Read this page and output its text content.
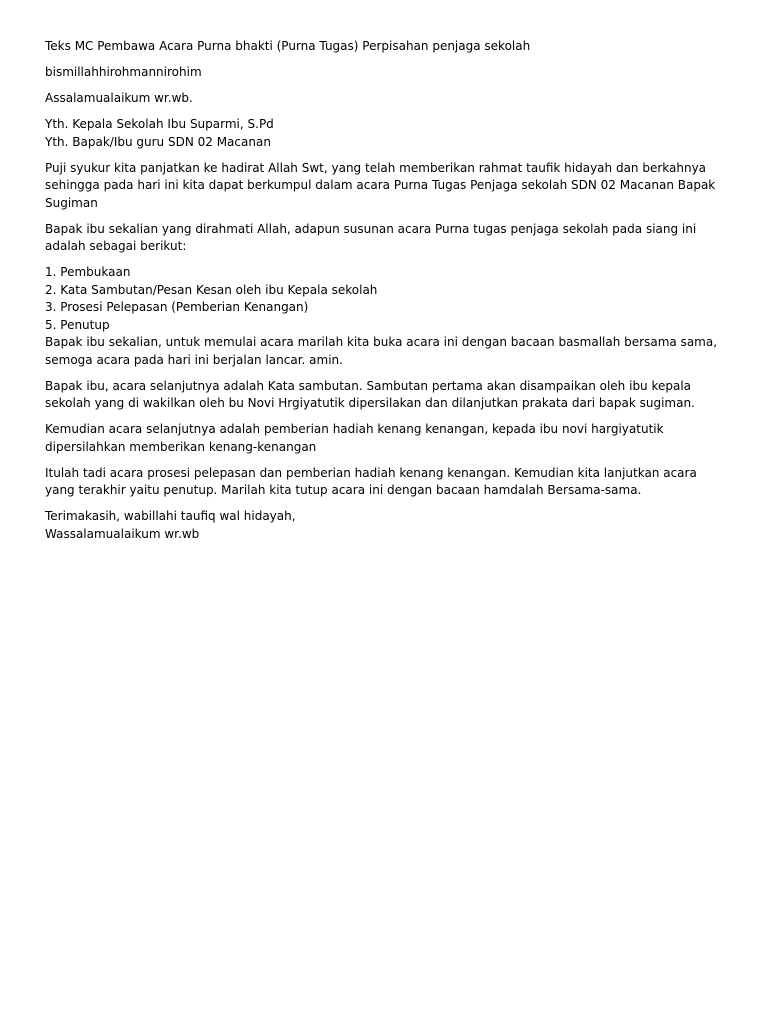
Teks MC Pembawa Acara Purna bhakti (Purna Tugas) Perpisahan penjaga sekolah

bismillahhirohmannirohim

Assalamualaikum wr.wb.

Yth. Kepala Sekolah Ibu Suparmi, S.Pd
Yth. Bapak/Ibu guru SDN 02 Macanan

Puji syukur kita panjatkan ke hadirat Allah Swt, yang telah memberikan rahmat taufik hidayah dan berkahnya sehingga pada hari ini kita dapat berkumpul dalam acara Purna Tugas Penjaga sekolah SDN 02 Macanan Bapak Sugiman

Bapak ibu sekalian yang dirahmati Allah, adapun susunan acara Purna tugas penjaga sekolah pada siang ini adalah sebagai berikut:

1. Pembukaan
2. Kata Sambutan/Pesan Kesan oleh ibu Kepala sekolah
3. Prosesi Pelepasan (Pemberian Kenangan)
5. Penutup

Bapak ibu sekalian, untuk memulai acara marilah kita buka acara ini dengan bacaan basmallah bersama sama, semoga acara pada hari ini berjalan lancar. amin.

Bapak ibu, acara selanjutnya adalah Kata sambutan. Sambutan pertama akan disampaikan oleh ibu kepala sekolah yang di wakilkan oleh bu Novi Hrgiyatutik dipersilakan dan dilanjutkan prakata dari bapak sugiman.

Kemudian acara selanjutnya adalah pemberian hadiah kenang kenangan, kepada ibu novi hargiyatutik dipersilahkan memberikan kenang-kenangan

Itulah tadi acara prosesi pelepasan dan pemberian hadiah kenang kenangan. Kemudian kita lanjutkan acara yang terakhir yaitu penutup. Marilah kita tutup acara ini dengan bacaan hamdalah Bersama-sama.

Terimakasih, wabillahi taufiq wal hidayah,
Wassalamualaikum wr.wb
